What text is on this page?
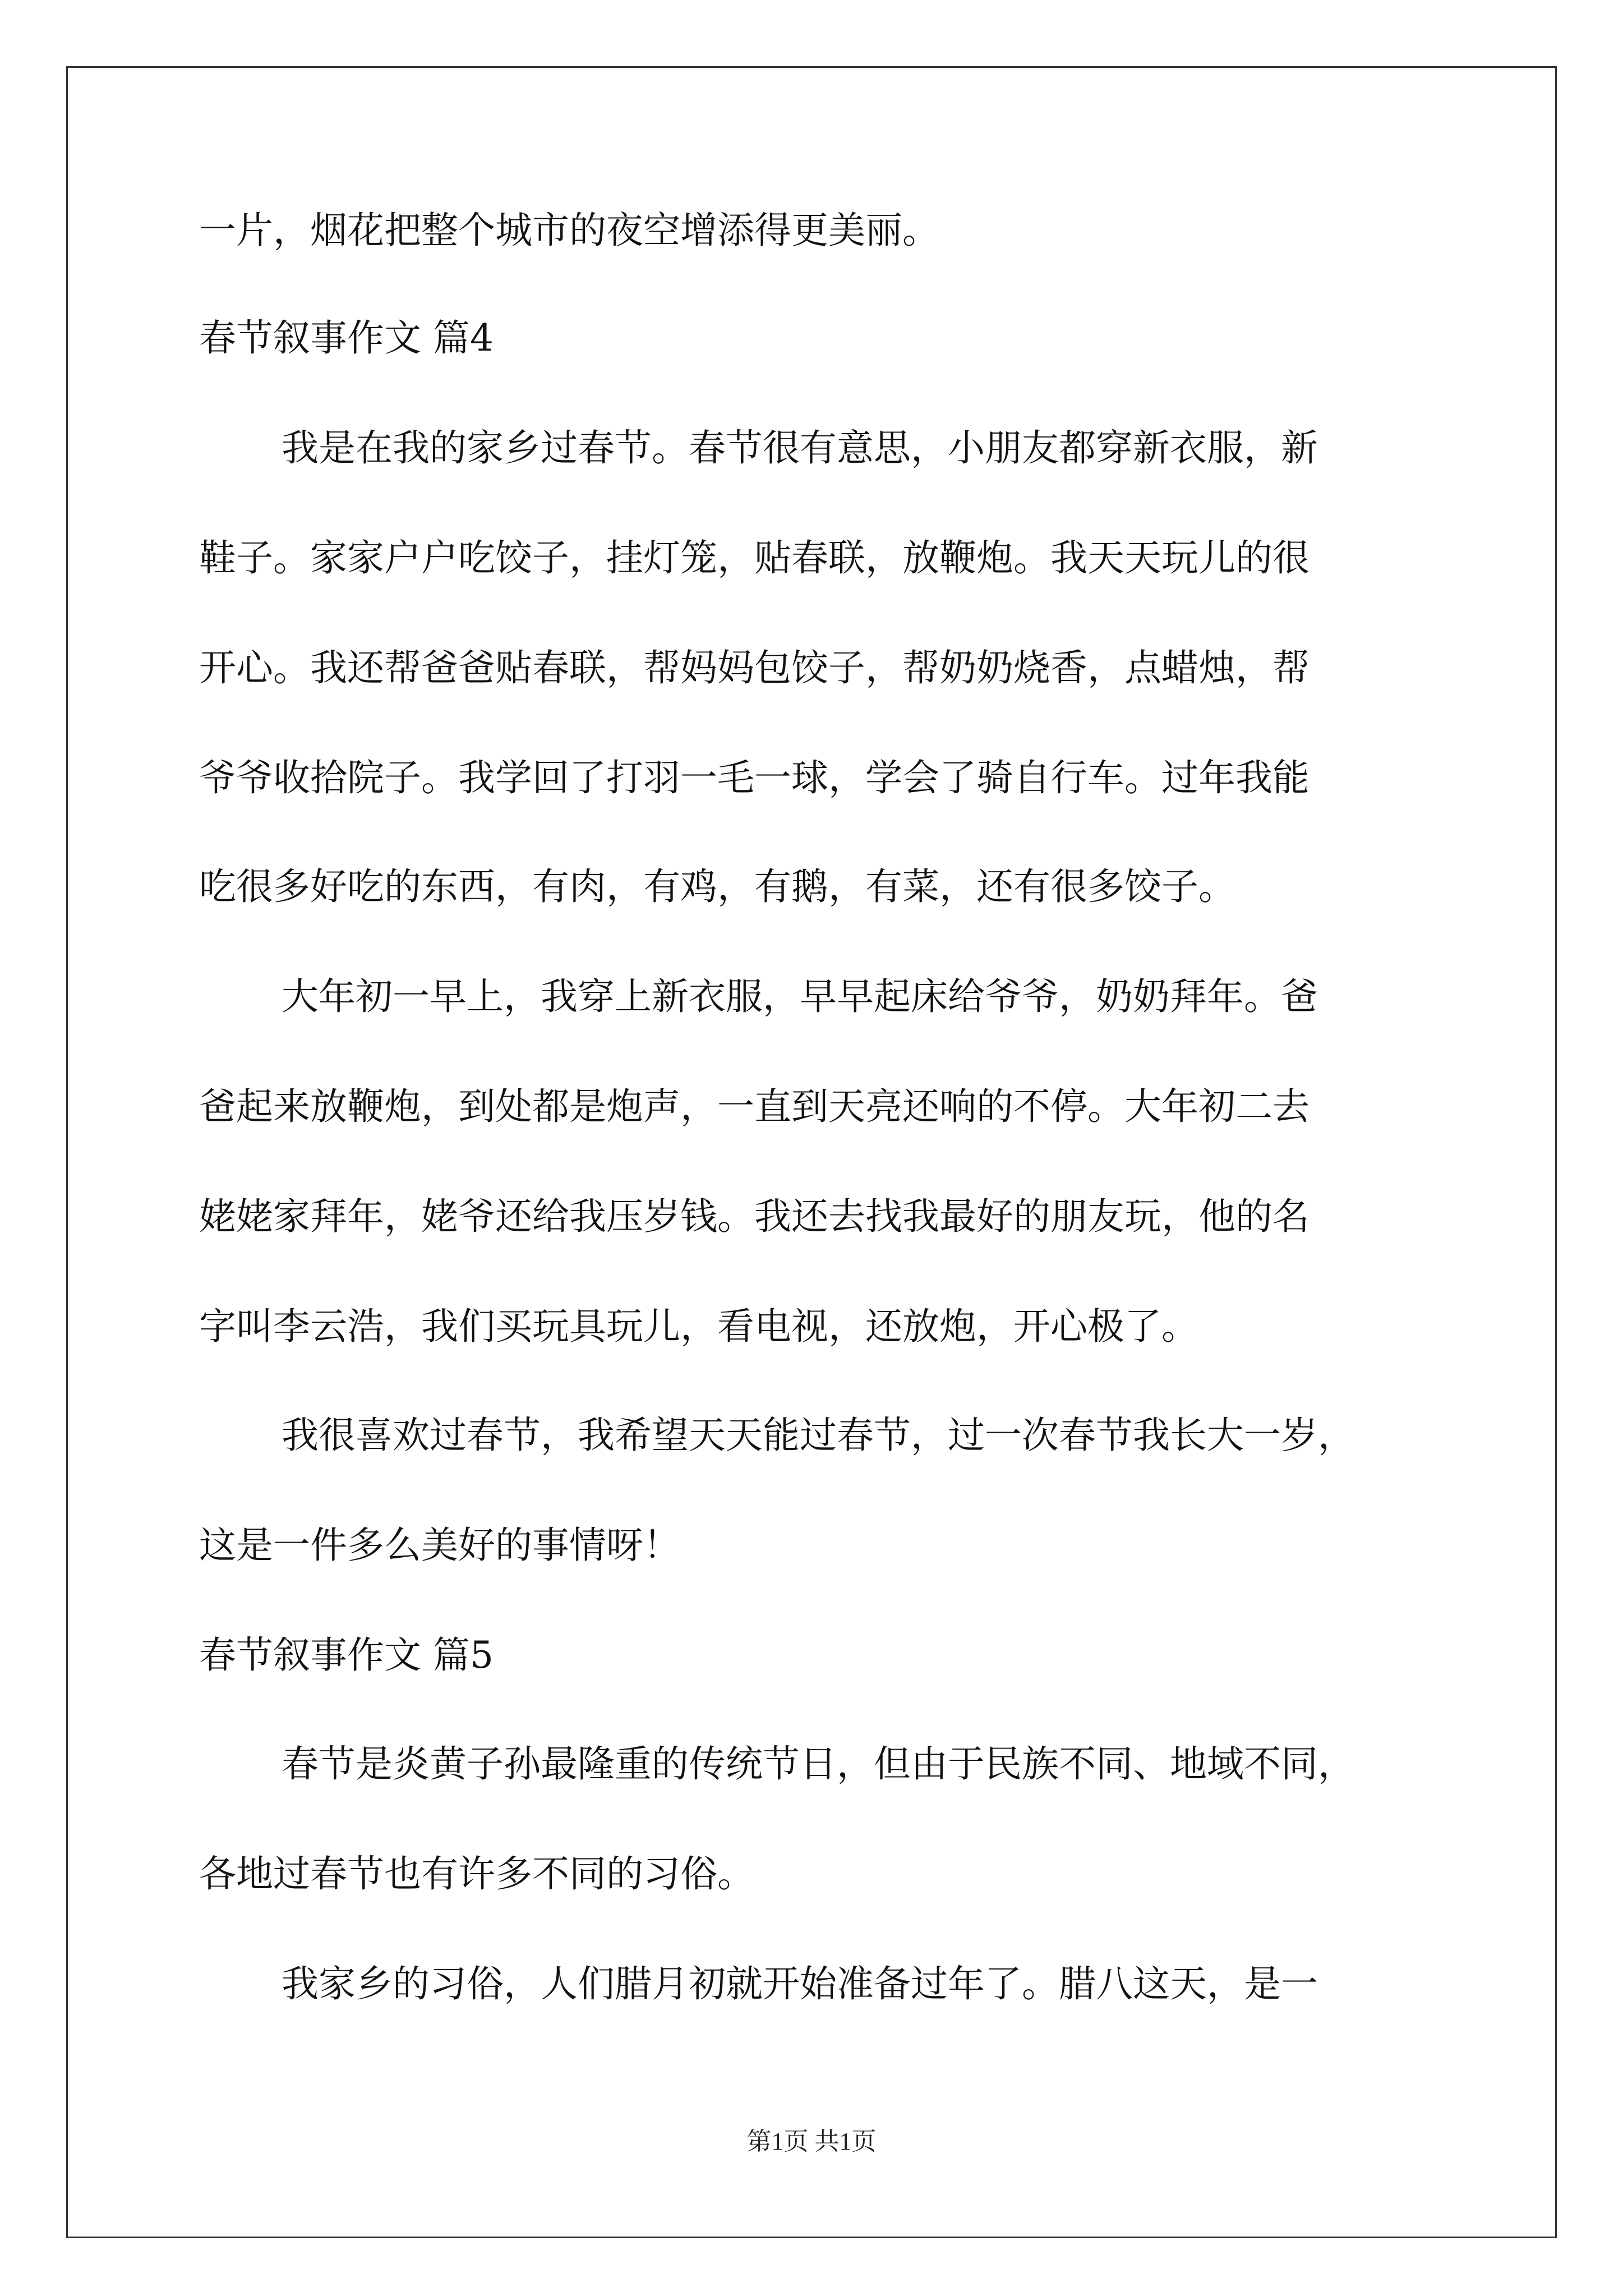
一片，烟花把整个城市的夜空增添得更美丽。
春节叙事作文 篇4
我是在我的家乡过春节。春节很有意思，小朋友都穿新衣服，新
鞋子。家家户户吃饺子，挂灯笼，贴春联，放鞭炮。我天天玩儿的很
开心。我还帮爸爸贴春联，帮妈妈包饺子，帮奶奶烧香，点蜡烛，帮
爷爷收拾院子。我学回了打羽一毛一球，学会了骑自行车。过年我能
吃很多好吃的东西，有肉，有鸡，有鹅，有菜，还有很多饺子。
大年初一早上，我穿上新衣服，早早起床给爷爷，奶奶拜年。爸
爸起来放鞭炮，到处都是炮声，一直到天亮还响的不停。大年初二去
姥姥家拜年，姥爷还给我压岁钱。我还去找我最好的朋友玩，他的名
字叫李云浩，我们买玩具玩儿，看电视，还放炮，开心极了。
我很喜欢过春节，我希望天天能过春节，过一次春节我长大一岁，
这是一件多么美好的事情呀！
春节叙事作文 篇5
春节是炎黄子孙最隆重的传统节日，但由于民族不同、地域不同，
各地过春节也有许多不同的习俗。
我家乡的习俗，人们腊月初就开始准备过年了。腊八这天，是一
第1页 共1页
